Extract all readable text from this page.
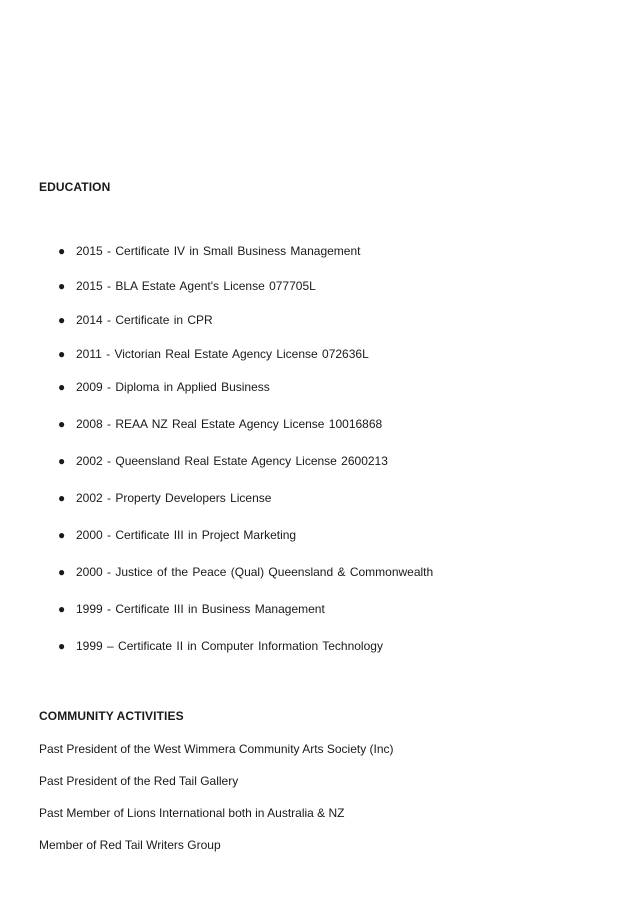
EDUCATION
● 2015 - Certificate IV in Small Business Management
● 2015 - BLA Estate Agent's License 077705L
● 2014 - Certificate in CPR
● 2011 - Victorian Real Estate Agency License 072636L
● 2009 - Diploma in Applied Business
● 2008 - REAA NZ Real Estate Agency License 10016868
● 2002 - Queensland Real Estate Agency License 2600213
● 2002 - Property Developers License
● 2000 - Certificate III in Project Marketing
● 2000 - Justice of the Peace (Qual) Queensland & Commonwealth
● 1999 - Certificate III in Business Management
● 1999 – Certificate II in Computer Information Technology
COMMUNITY ACTIVITIES
Past President of the West Wimmera Community Arts Society (Inc)
Past President of the Red Tail Gallery
Past Member of Lions International both in Australia & NZ
Member of Red Tail Writers Group
